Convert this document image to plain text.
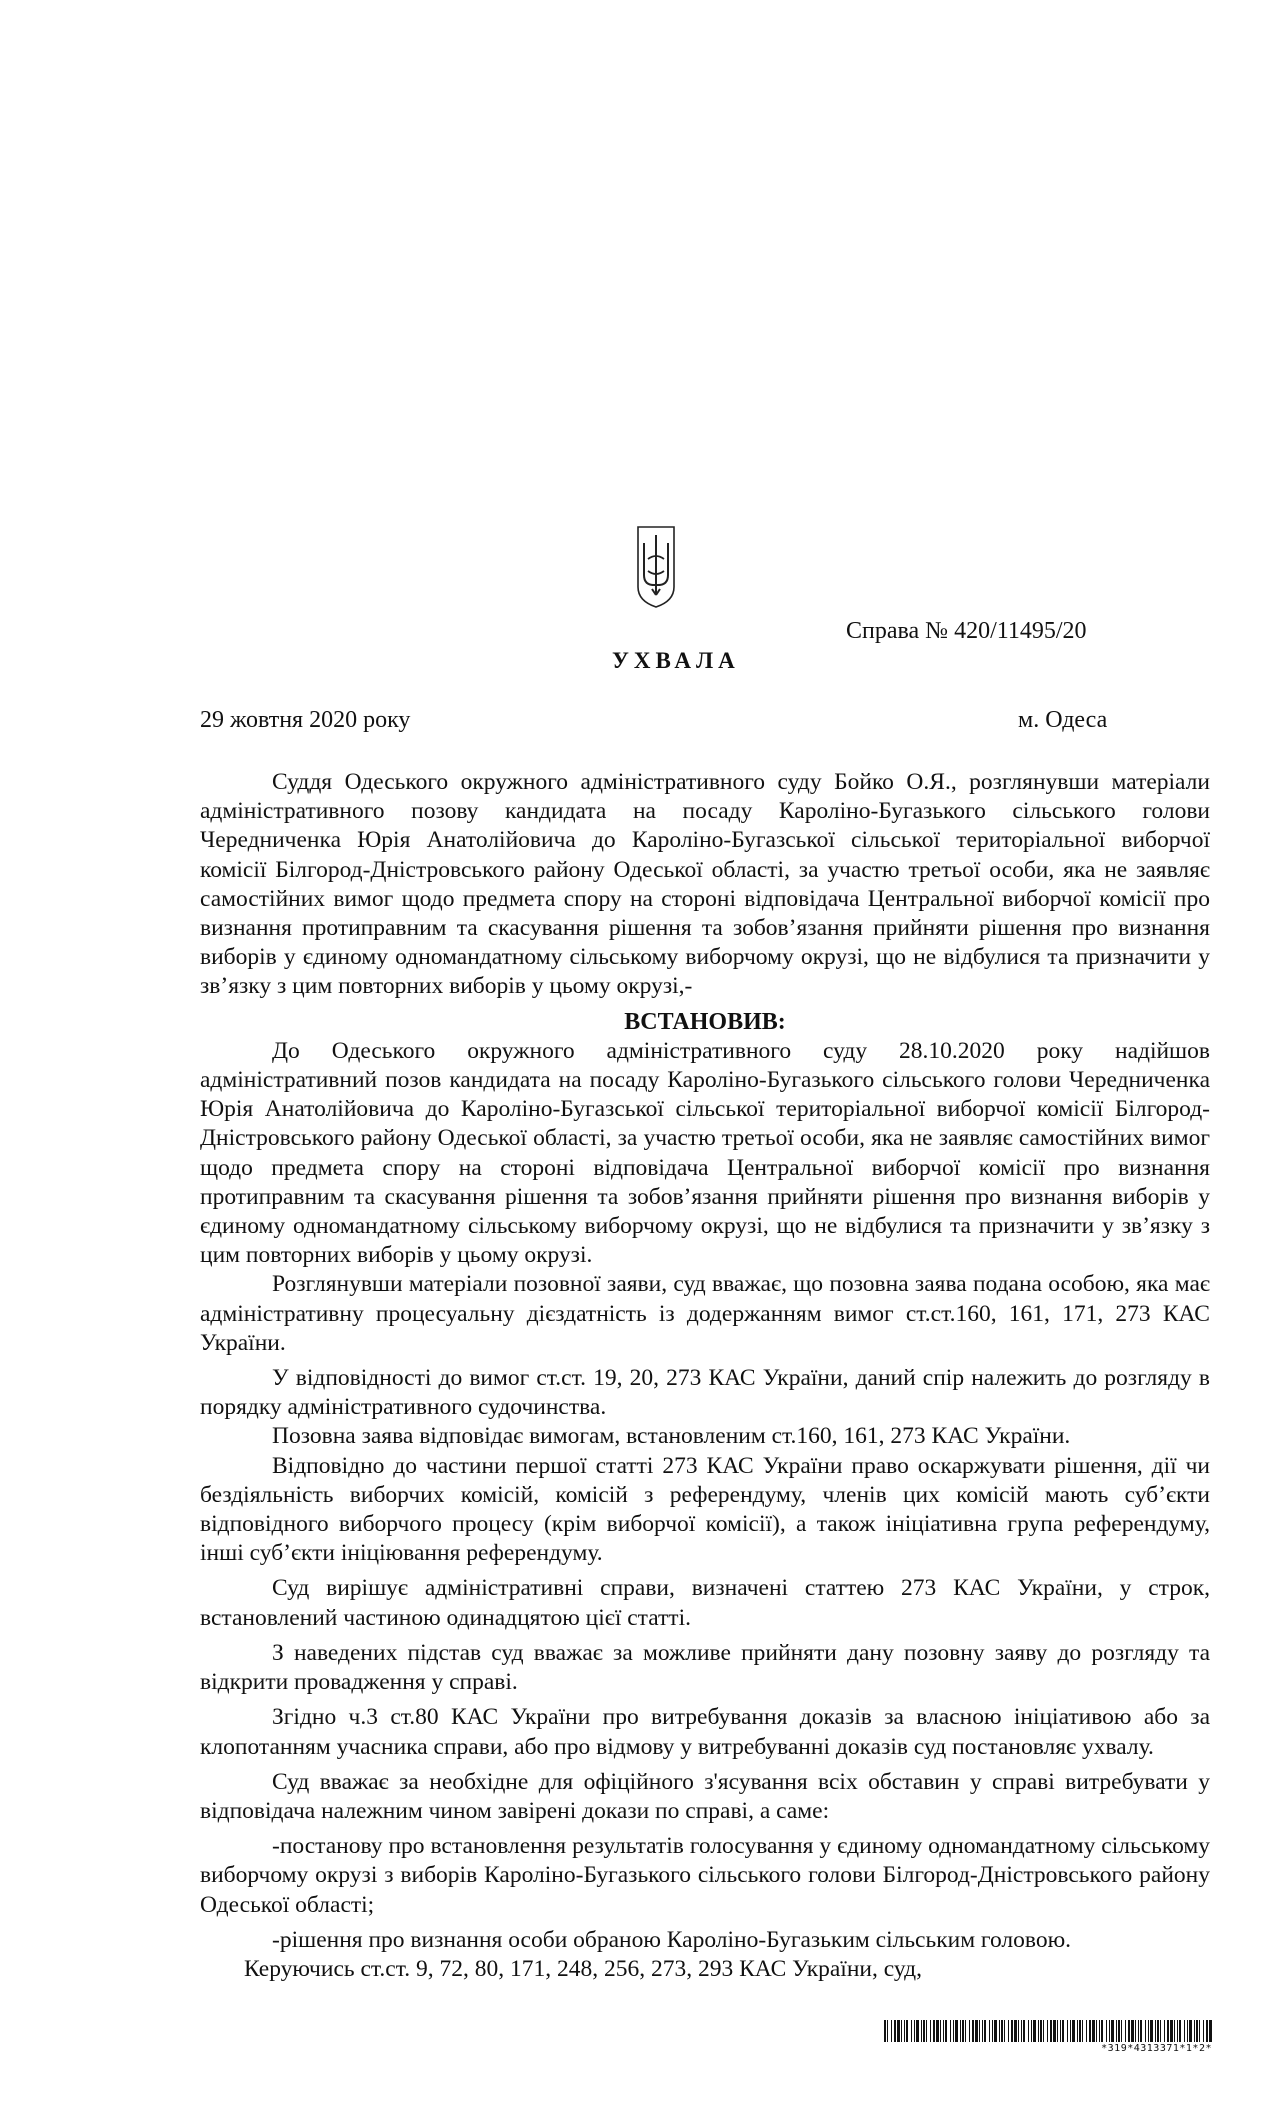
Справа № 420/11495/20
УХВАЛА
29 жовтня 2020 року	м. Одеса

Суддя Одеського окружного адміністративного суду Бойко О.Я., розглянувши матеріали адміністративного позову кандидата на посаду Кароліно-Бугазького сільського голови Чередниченка Юрія Анатолійовича до Кароліно-Бугазської сільської територіальної виборчої комісії Білгород-Дністровського району Одеської області, за участю третьої особи, яка не заявляє самостійних вимог щодо предмета спору на стороні відповідача Центральної виборчої комісії про визнання протиправним та скасування рішення та зобов’язання прийняти рішення про визнання виборів у єдиному одномандатному сільському виборчому окрузі, що не відбулися та призначити у зв’язку з цим повторних виборів у цьому окрузі,-

ВСТАНОВИВ:

До Одеського окружного адміністративного суду 28.10.2020 року надійшов адміністративний позов кандидата на посаду Кароліно-Бугазького сільського голови Чередниченка Юрія Анатолійовича до Кароліно-Бугазської сільської територіальної виборчої комісії Білгород-Дністровського району Одеської області, за участю третьої особи, яка не заявляє самостійних вимог щодо предмета спору на стороні відповідача Центральної виборчої комісії про визнання протиправним та скасування рішення та зобов’язання прийняти рішення про визнання виборів у єдиному одномандатному сільському виборчому окрузі, що не відбулися та призначити у зв’язку з цим повторних виборів у цьому окрузі.

Розглянувши матеріали позовної заяви, суд вважає, що позовна заява подана особою, яка має адміністративну процесуальну дієздатність із додержанням вимог ст.ст.160, 161, 171, 273 КАС України.

У відповідності до вимог ст.ст. 19, 20, 273 КАС України, даний спір належить до розгляду в порядку адміністративного судочинства.

Позовна заява відповідає вимогам, встановленим ст.160, 161, 273 КАС України.

Відповідно до частини першої статті 273 КАС України право оскаржувати рішення, дії чи бездіяльність виборчих комісій, комісій з референдуму, членів цих комісій мають суб’єкти відповідного виборчого процесу (крім виборчої комісії), а також ініціативна група референдуму, інші суб’єкти ініціювання референдуму.

Суд вирішує адміністративні справи, визначені статтею 273 КАС України, у строк, встановлений частиною одинадцятою цієї статті.

З наведених підстав суд вважає за можливе прийняти дану позовну заяву до розгляду та відкрити провадження у справі.

Згідно ч.3 ст.80 КАС України про витребування доказів за власною ініціативою або за клопотанням учасника справи, або про відмову у витребуванні доказів суд постановляє ухвалу.

Суд вважає за необхідне для офіційного з'ясування всіх обставин у справі витребувати у відповідача належним чином завірені докази по справі, а саме:

-постанову про встановлення результатів голосування у єдиному одномандатному сільському виборчому окрузі з виборів Кароліно-Бугазького сільського голови Білгород-Дністровського району Одеської області;

-рішення про визнання особи обраною Кароліно-Бугазьким сільським головою.

Керуючись ст.ст. 9, 72, 80, 171, 248, 256, 273, 293 КАС України, суд,

*319*4313371*1*2*
